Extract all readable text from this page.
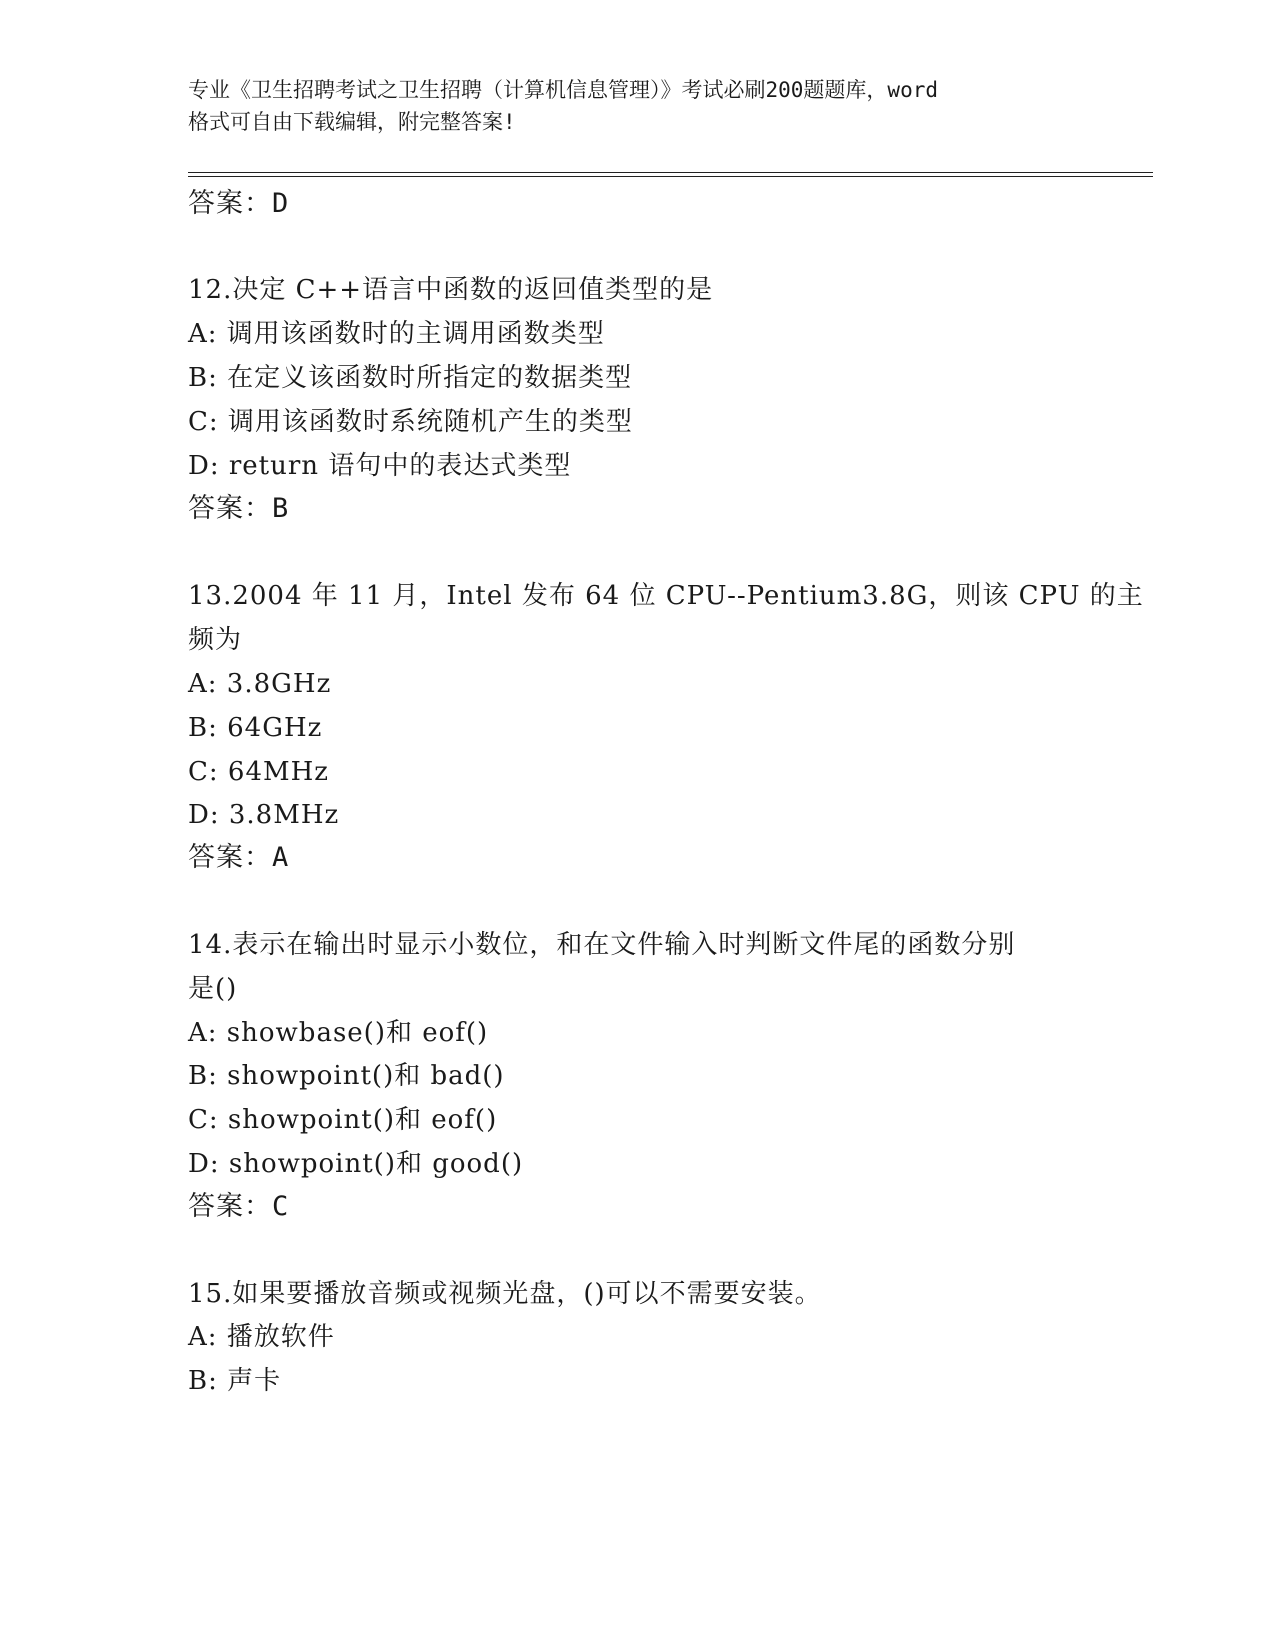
专业《卫生招聘考试之卫生招聘（计算机信息管理）》考试必刷200题题库，word
格式可自由下载编辑，附完整答案!
答案：D
12.决定 C++语言中函数的返回值类型的是
A: 调用该函数时的主调用函数类型
B: 在定义该函数时所指定的数据类型
C: 调用该函数时系统随机产生的类型
D: return 语句中的表达式类型
答案：B
13.2004 年 11 月，Intel 发布 64 位 CPU--Pentium3.8G，则该 CPU 的主
频为
A: 3.8GHz
B: 64GHz
C: 64MHz
D: 3.8MHz
答案：A
14.表示在输出时显示小数位，和在文件输入时判断文件尾的函数分别
是()
A: showbase()和 eof()
B: showpoint()和 bad()
C: showpoint()和 eof()
D: showpoint()和 good()
答案：C
15.如果要播放音频或视频光盘，()可以不需要安装。
A: 播放软件
B: 声卡
